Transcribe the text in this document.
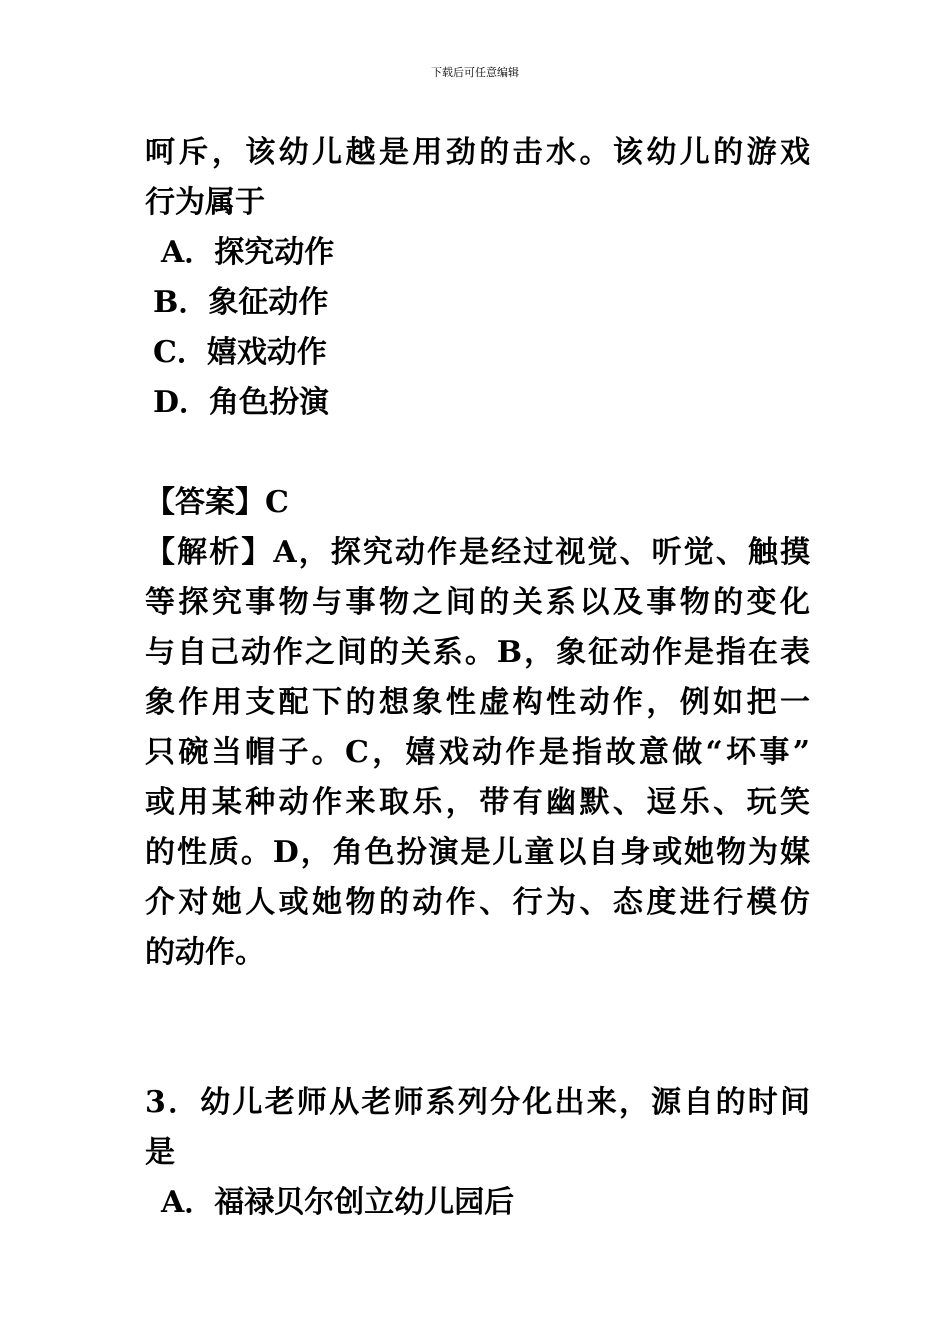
下载后可任意编辑
呵斥，该幼儿越是用劲的击水。该幼儿的游戏
行为属于
A．探究动作
B．象征动作
C．嬉戏动作
D．角色扮演
【答案】C
【解析】A，探究动作是经过视觉、听觉、触摸
等探究事物与事物之间的关系以及事物的变化
与自己动作之间的关系。B，象征动作是指在表
象作用支配下的想象性虚构性动作，例如把一
只碗当帽子。C，嬉戏动作是指故意做“坏事”
或用某种动作来取乐，带有幽默、逗乐、玩笑
的性质。D，角色扮演是儿童以自身或她物为媒
介对她人或她物的动作、行为、态度进行模仿
的动作。
3．幼儿老师从老师系列分化出来，源自的时间
是
A．福禄贝尔创立幼儿园后
